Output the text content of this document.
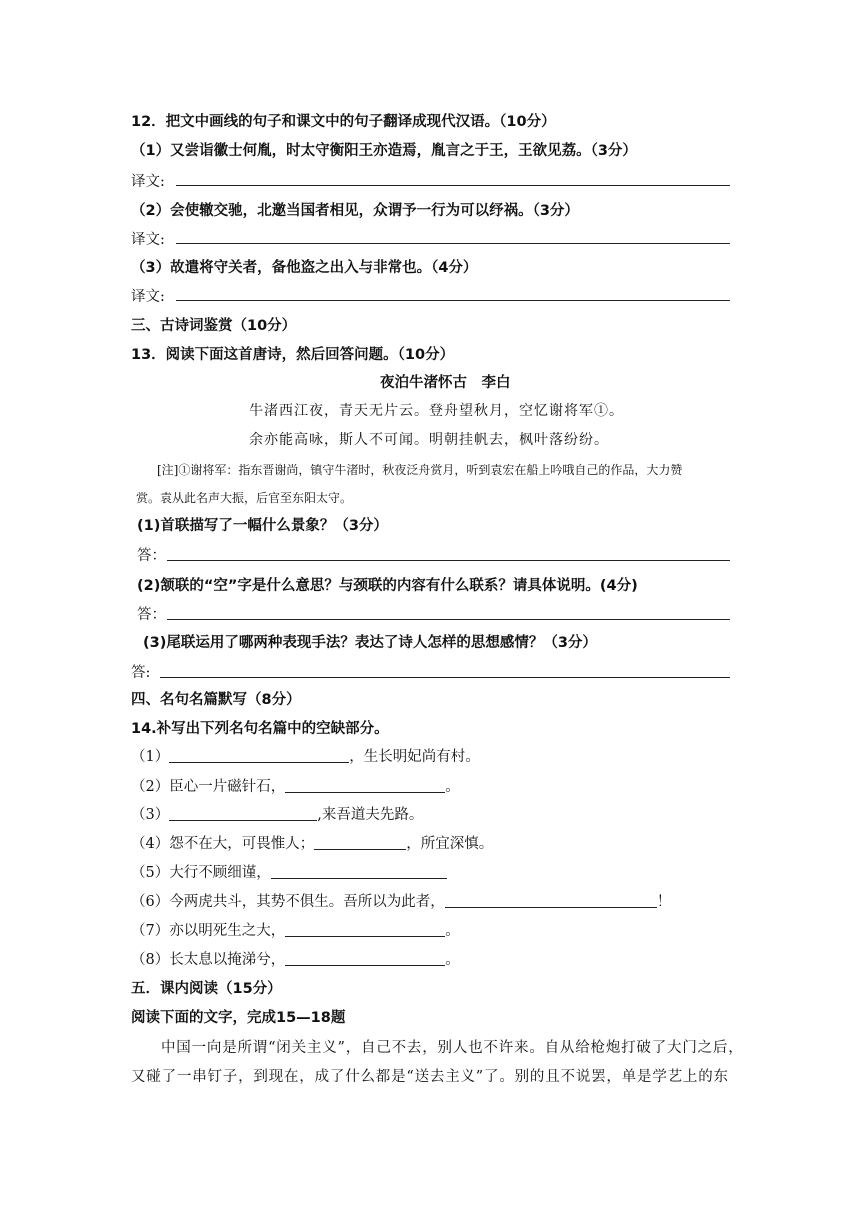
12．把文中画线的句子和课文中的句子翻译成现代汉语。（10分）
（1）又尝诣徽士何胤，时太守衡阳王亦造焉，胤言之于王，王欲见荔。（3分）
译文:
（2）会使辙交驰，北邀当国者相见，众谓予一行为可以纾祸。（3分）
译文:
（3）故遣将守关者，备他盗之出入与非常也。（4分）
译文:
三、古诗词鉴赏（10分）
13．阅读下面这首唐诗，然后回答问题。（10分）
夜泊牛渚怀古　李白
牛渚西江夜，青天无片云。登舟望秋月，空忆谢将军①。
余亦能高咏，斯人不可闻。明朝挂帆去，枫叶落纷纷。
[注]①谢将军：指东晋谢尚，镇守牛渚时，秋夜泛舟赏月，听到袁宏在船上吟哦自己的作品，大力赞
赏。袁从此名声大振，后官至东阳太守。
(1)首联描写了一幅什么景象？（3分）
答：
(2)颔联的“空”字是什么意思？与颈联的内容有什么联系？请具体说明。(4分)
答：
(3)尾联运用了哪两种表现手法？表达了诗人怎样的思想感情？（3分）
答:
四、名句名篇默写（8分）
14.补写出下列名句名篇中的空缺部分。
（1）	，生长明妃尚有村。
（2）臣心一片磁针石，	。
（3）	,来吾道夫先路。
（4）怨不在大，可畏惟人；	，所宜深慎。
（5）大行不顾细谨，
（6）今两虎共斗，其势不俱生。吾所以为此者，	！
（7）亦以明死生之大，	。
（8）长太息以掩涕兮，	。
五．课内阅读（15分）
阅读下面的文字，完成15—18题
中国一向是所谓“闭关主义”，自己不去，别人也不许来。自从给枪炮打破了大门之后，
又碰了一串钉子，到现在，成了什么都是“送去主义”了。别的且不说罢，单是学艺上的东
